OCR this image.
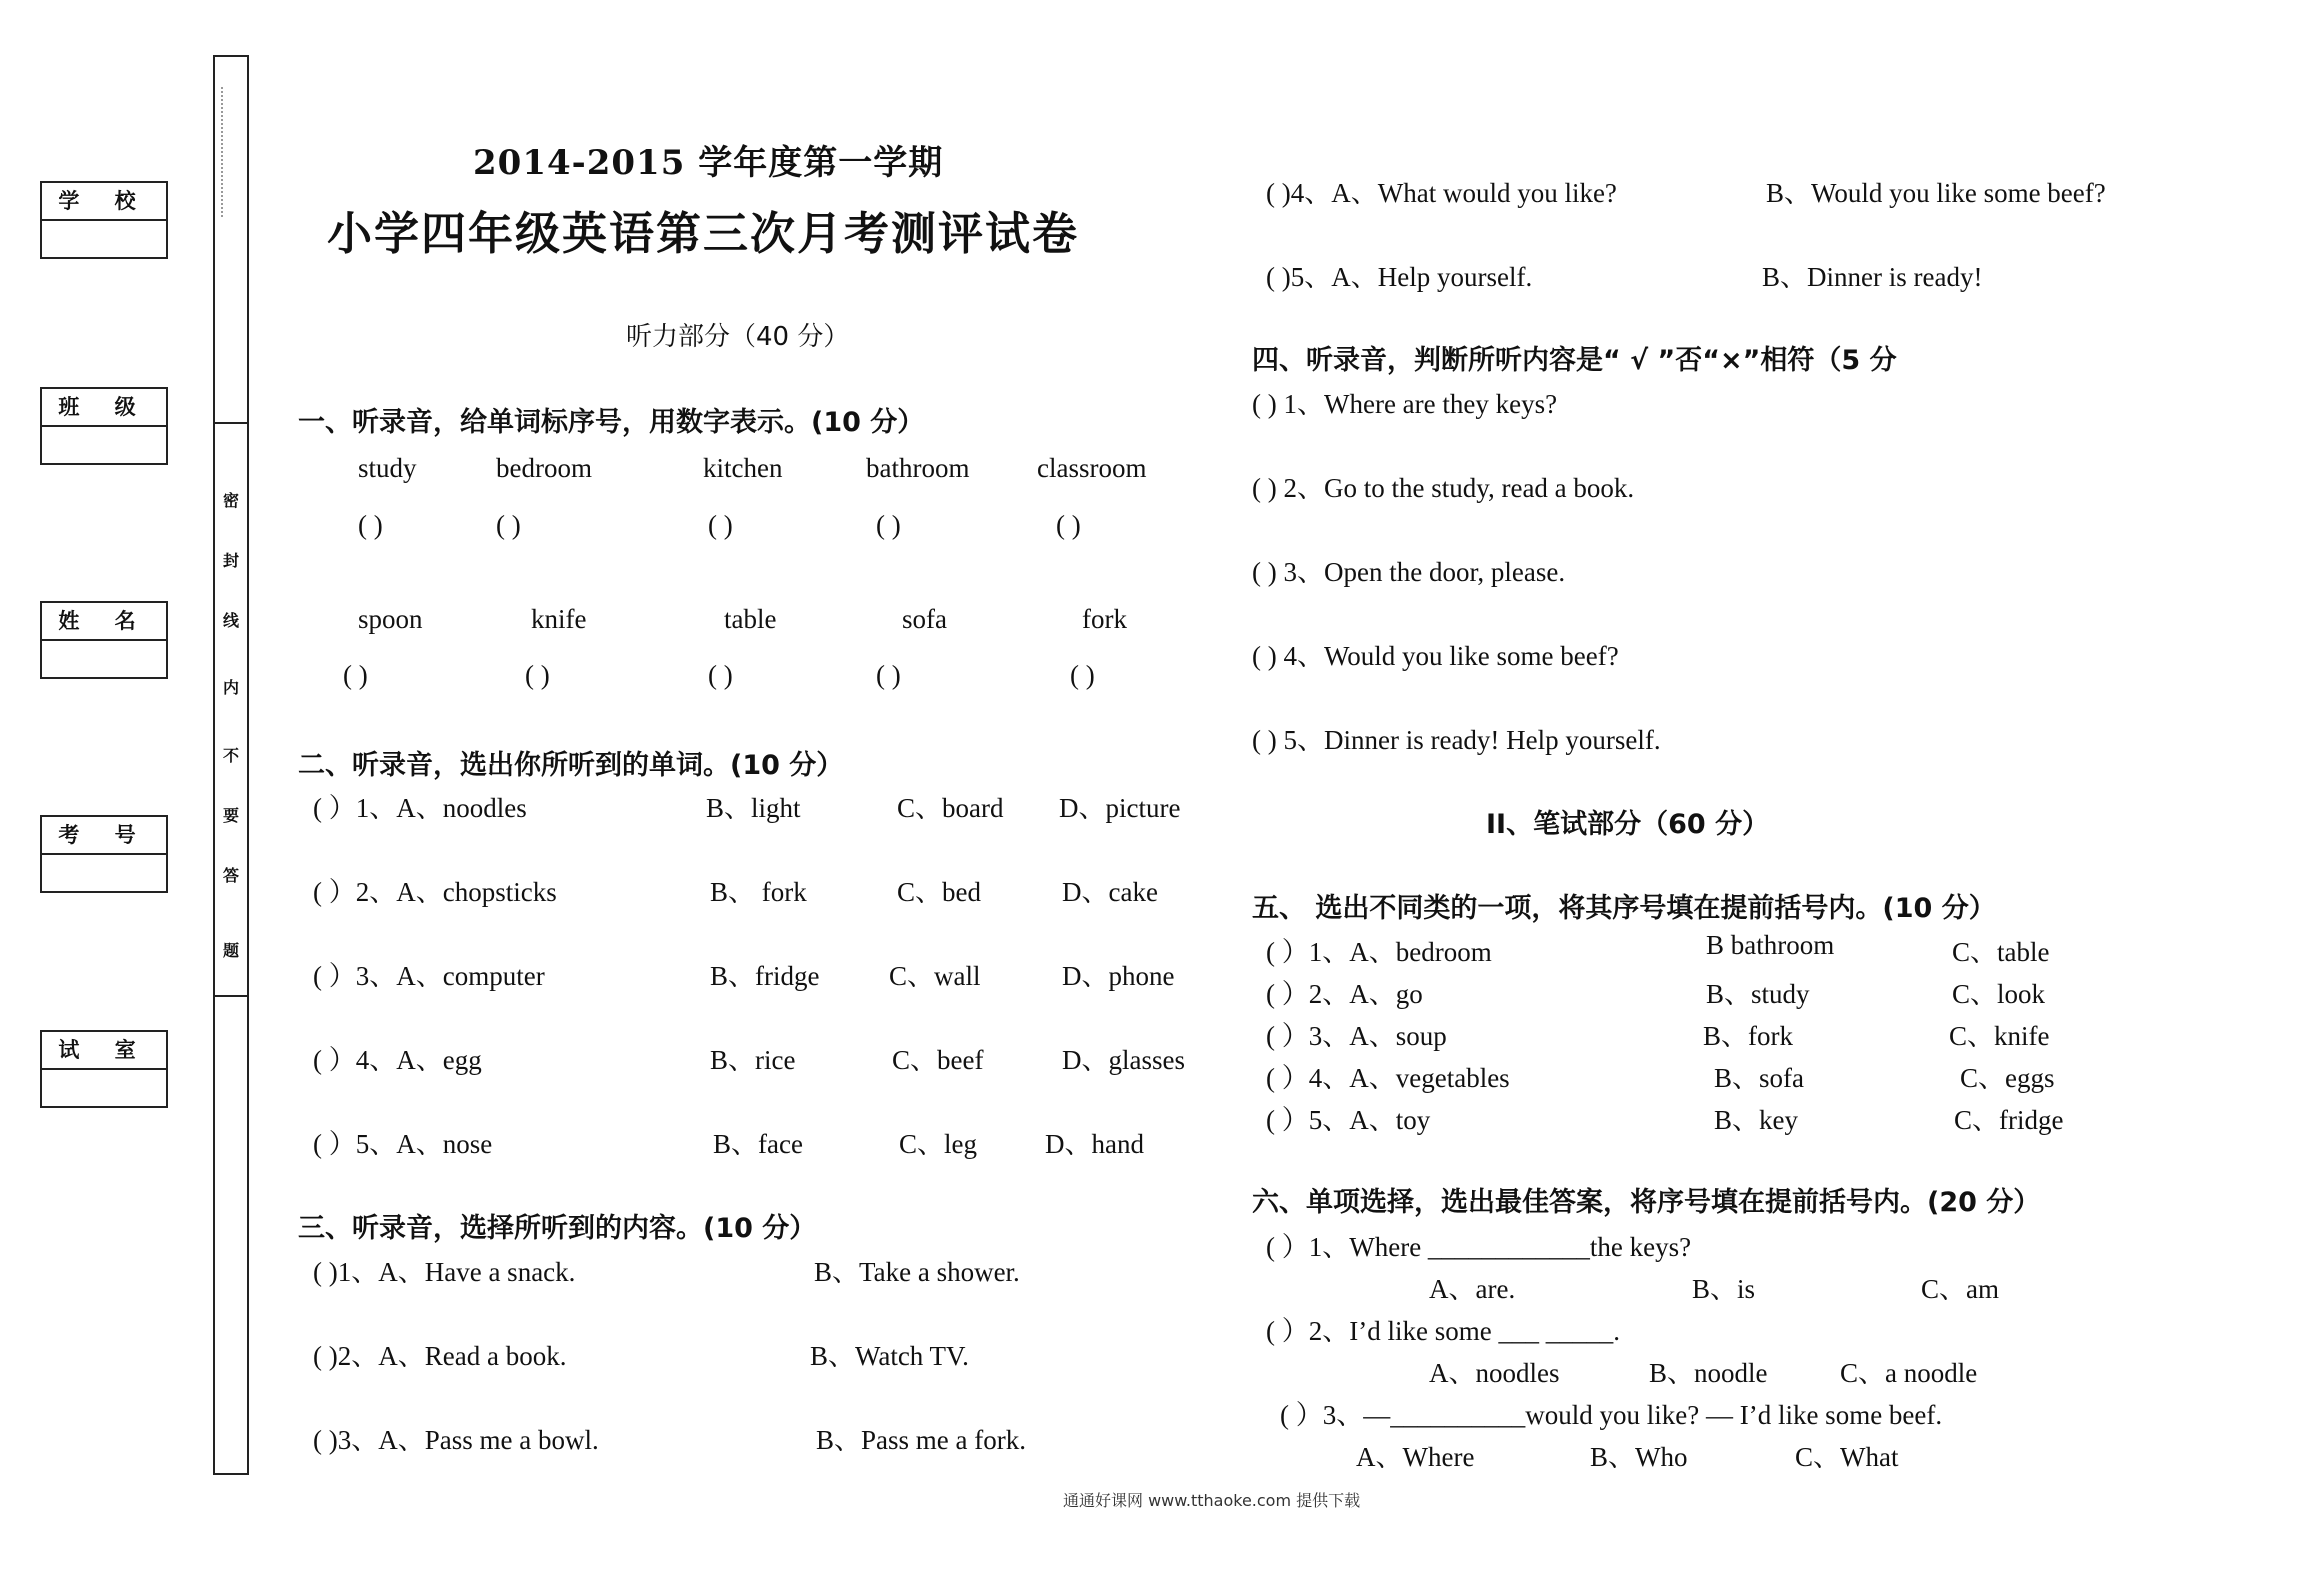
学 校
班 级
姓 名
考 号
试 室
密
封
线
内
不
要
答
题
2014-2015 学年度第一学期
小学四年级英语第三次月考测评试卷
听力部分（40 分）
一、听录音，给单词标序号，用数字表示。(10 分）
study	bedroom	kitchen	bathroom	classroom
( )	( )	( )	( )	( )
spoon	knife	table	sofa	fork
( )	( )	( )	( )	( )
二、听录音，选出你所听到的单词。(10 分）
( ）1、A、noodles	B、light	C、board D、picture
( ）2、A、chopsticks	B、 fork	C、bed	D、cake
( ）3、A、computer	B、fridge	C、wall	D、phone
( ）4、A、egg	B、rice	C、beef	D、glasses
( ）5、A、nose	B、face	C、leg	D、hand
三、听录音，选择所听到的内容。(10 分）
( )1、A、Have a snack.	B、Take a shower.
( )2、A、Read a book.	B、Watch TV.
( )3、A、Pass me a bowl.	B、Pass me a fork.
( )4、A、What would you like?	B、Would you like some beef?
( )5、A、Help yourself.	B、Dinner is ready!
四、听录音，判断所听内容是“ √ ”否“×”相符（5 分
( ) 1、Where are they keys?
( ) 2、Go to the study, read a book.
( ) 3、Open the door, please.
( ) 4、Would you like some beef?
( ) 5、Dinner is ready! Help yourself.
II、笔试部分（60 分）
五、 选出不同类的一项，将其序号填在提前括号内。(10 分）
( ）1、A、bedroom	B bathroom	C、table
( ）2、A、go	B、study	C、look
( ）3、A、soup	B、fork	C、knife
( ）4、A、vegetables	B、sofa	C、eggs
( ）5、A、toy	B、key	C、fridge
六、单项选择，选出最佳答案，将序号填在提前括号内。(20 分）
( ）1、Where ____________the keys?
A、are.	B、is	C、am
( ）2、I’d like some ___ _____.
A、noodles	B、noodle	C、a noodle
( ）3、—__________would you like? — I’d like some beef.
A、Where	B、Who	C、What
通通好课网 www.tthaoke.com 提供下载
